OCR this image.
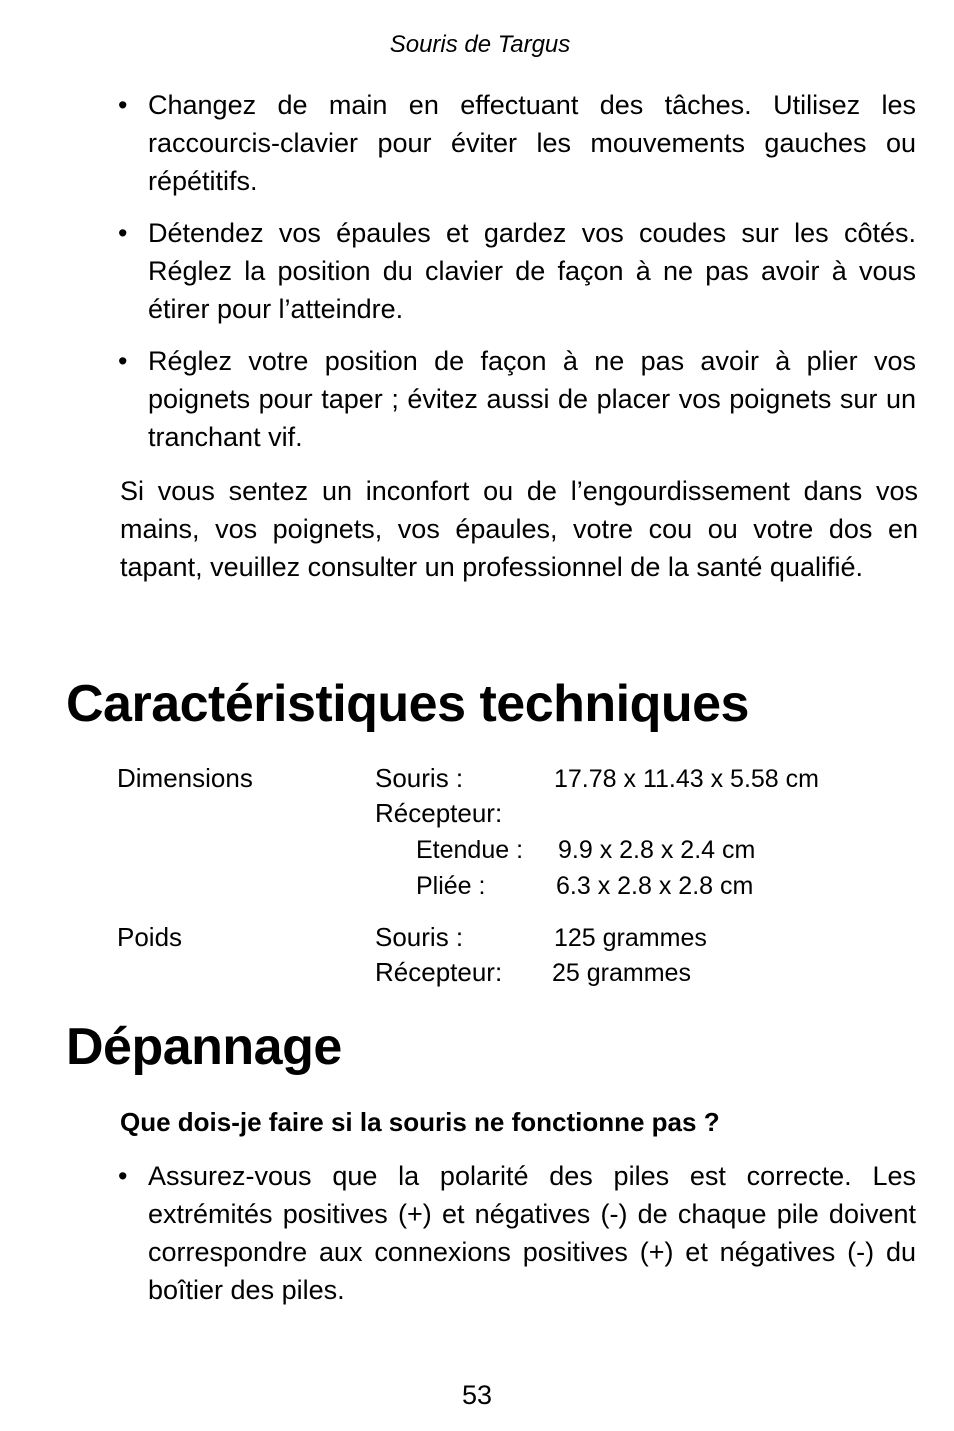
Souris de Targus
• Changez de main en effectuant des tâches. Utilisez les raccourcis-clavier pour éviter les mouvements gauches ou répétitifs.
• Détendez vos épaules et gardez vos coudes sur les côtés. Réglez la position du clavier de façon à ne pas avoir à vous étirer pour l’atteindre.
• Réglez votre position de façon à ne pas avoir à plier vos poignets pour taper ; évitez aussi de placer vos poignets sur un tranchant vif.

Si vous sentez un inconfort ou de l’engourdissement dans vos mains, vos poignets, vos épaules, votre cou ou votre dos en tapant, veuillez consulter un professionnel de la santé qualifié.

Caractéristiques techniques
Dimensions	Souris :	17.78 x 11.43 x 5.58 cm
Récepteur:
Etendue : 9.9 x 2.8 x 2.4 cm
Pliée :	6.3 x 2.8 x 2.8 cm
Poids	Souris :	125 grammes
Récepteur: 25 grammes
Dépannage

Que dois-je faire si la souris ne fonctionne pas ?

• Assurez-vous que la polarité des piles est correcte. Les extrémités positives (+) et négatives (-) de chaque pile doivent correspondre aux connexions positives (+) et négatives (-) du boîtier des piles.
53
